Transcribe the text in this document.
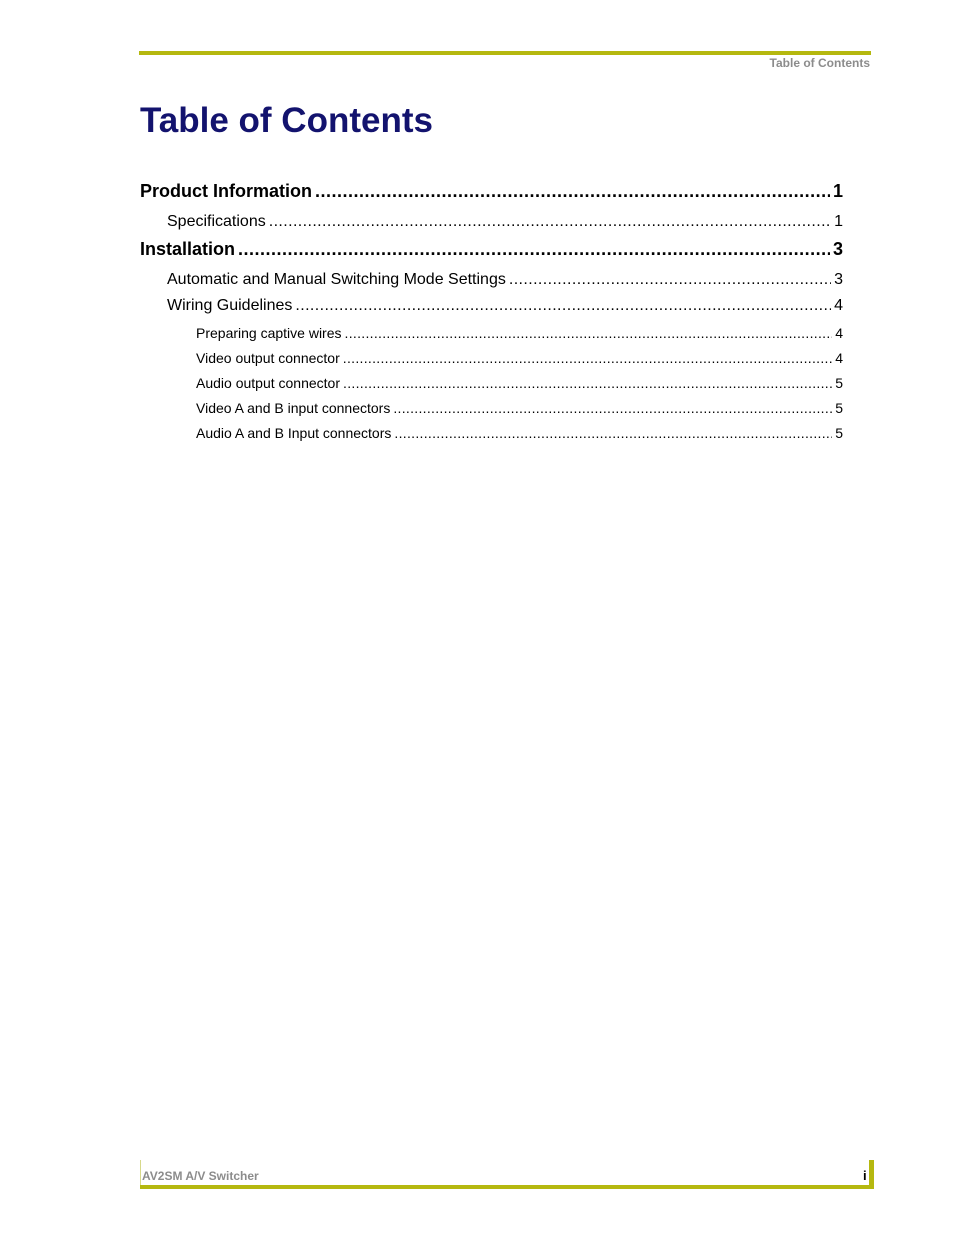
Table of Contents
Table of Contents
Product Information .....	1
Specifications .....	1
Installation .....	3
Automatic and Manual Switching Mode Settings .....	3
Wiring Guidelines .....	4
Preparing captive wires .....	4
Video output connector .....	4
Audio output connector .....	5
Video A and B input connectors .....	5
Audio A and B Input connectors .....	5
AV2SM A/V Switcher	i
